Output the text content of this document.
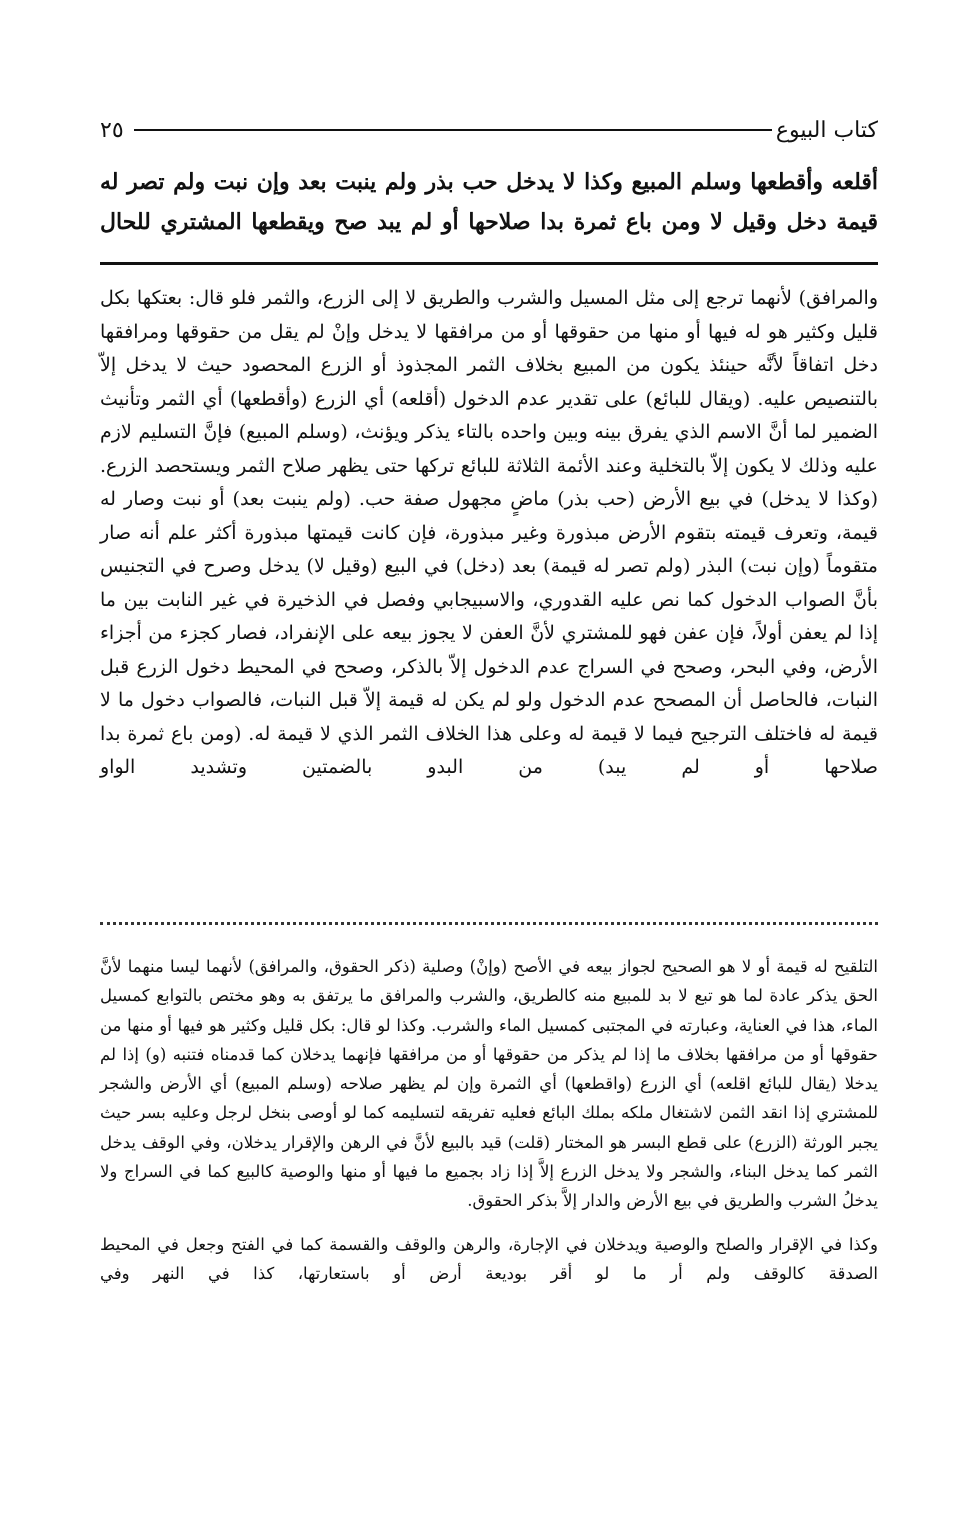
كتاب البيوع
٢٥

أقلعه وأقطعها وسلم المبيع وكذا لا يدخل حب بذر ولم ينبت بعد وإن نبت ولم تصر له

قيمة دخل وقيل لا ومن باع ثمرة بدا صلاحها أو لم يبد صح ويقطعها المشتري للحال

والمرافق) لأنهما ترجع إلى مثل المسيل والشرب والطريق لا إلى الزرع، والثمر فلو قال: بعتكها بكل قليل وكثير هو له فيها أو منها من حقوقها أو من مرافقها لا يدخل وإنْ لم يقل من حقوقها ومرافقها دخل اتفاقاً لأنَّه حينئذ يكون من المبيع بخلاف الثمر المجذوذ أو الزرع المحصود حيث لا يدخل إلاّ بالتنصيص عليه. (ويقال للبائع) على تقدير عدم الدخول (أقلعه) أي الزرع (وأقطعها) أي الثمر وتأنيث الضمير لما أنَّ الاسم الذي يفرق بينه وبين واحده بالتاء يذكر ويؤنث، (وسلم المبيع) فإنَّ التسليم لازم عليه وذلك لا يكون إلاّ بالتخلية وعند الأئمة الثلاثة للبائع تركها حتى يظهر صلاح الثمر ويستحصد الزرع. (وكذا لا يدخل) في بيع الأرض (حب بذر) ماضٍ مجهول صفة حب. (ولم ينبت بعد) أو نبت وصار له قيمة، وتعرف قيمته بتقوم الأرض مبذورة وغير مبذورة، فإن كانت قيمتها مبذورة أكثر علم أنه صار متقوماً (وإن نبت) البذر (ولم تصر له قيمة) بعد (دخل) في البيع (وقيل لا) يدخل وصرح في التجنيس بأنَّ الصواب الدخول كما نص عليه القدوري، والاسبيجابي وفصل في الذخيرة في غير النابت بين ما إذا لم يعفن أولاً، فإن عفن فهو للمشتري لأنَّ العفن لا يجوز بيعه على الإنفراد، فصار كجزء من أجزاء الأرض، وفي البحر، وصحح في السراج عدم الدخول إلاّ بالذكر، وصحح في المحيط دخول الزرع قبل النبات، فالحاصل أن المصحح عدم الدخول ولو لم يكن له قيمة إلاّ قبل النبات، فالصواب دخول ما لا قيمة له فاختلف الترجيح فيما لا قيمة له وعلى هذا الخلاف الثمر الذي لا قيمة له. (ومن باع ثمرة بدا صلاحها أو لم يبد) من البدو بالضمتين وتشديد الواو

التلقيح له قيمة أو لا هو الصحيح لجواز بيعه في الأصح (وإنْ) وصلية (ذكر الحقوق، والمرافق) لأنهما ليسا منهما لأنَّ الحق يذكر عادة لما هو تبع لا بد للمبيع منه كالطريق، والشرب والمرافق ما يرتفق به وهو مختص بالتوابع كمسيل الماء، هذا في العناية، وعبارته في المجتبى كمسيل الماء والشرب. وكذا لو قال: بكل قليل وكثير هو فيها أو منها من حقوقها أو من مرافقها بخلاف ما إذا لم يذكر من حقوقها أو من مرافقها فإنهما يدخلان كما قدمناه فتنبه (و) إذا لم يدخلا (يقال للبائع اقلعه) أي الزرع (واقطعها) أي الثمرة وإن لم يظهر صلاحه (وسلم المبيع) أي الأرض والشجر للمشتري إذا انقد الثمن لاشتغال ملكه بملك البائع فعليه تفريقه لتسليمه كما لو أوصى بنخل لرجل وعليه بسر حيث يجبر الورثة (الزرع) على قطع البسر هو المختار (قلت) قيد بالبيع لأنَّ في الرهن والإقرار يدخلان، وفي الوقف يدخل الثمر كما يدخل البناء، والشجر ولا يدخل الزرع إلاَّ إذا زاد بجميع ما فيها أو منها والوصية كالبيع كما في السراج ولا يدخلُ الشرب والطريق في بيع الأرض والدار إلاَّ بذكر الحقوق.

وكذا في الإقرار والصلح والوصية ويدخلان في الإجارة، والرهن والوقف والقسمة كما في الفتح وجعل في المحيط الصدقة كالوقف ولم أر ما لو أقر بوديعة أرض أو باستعارتها، كذا في النهر وفي
